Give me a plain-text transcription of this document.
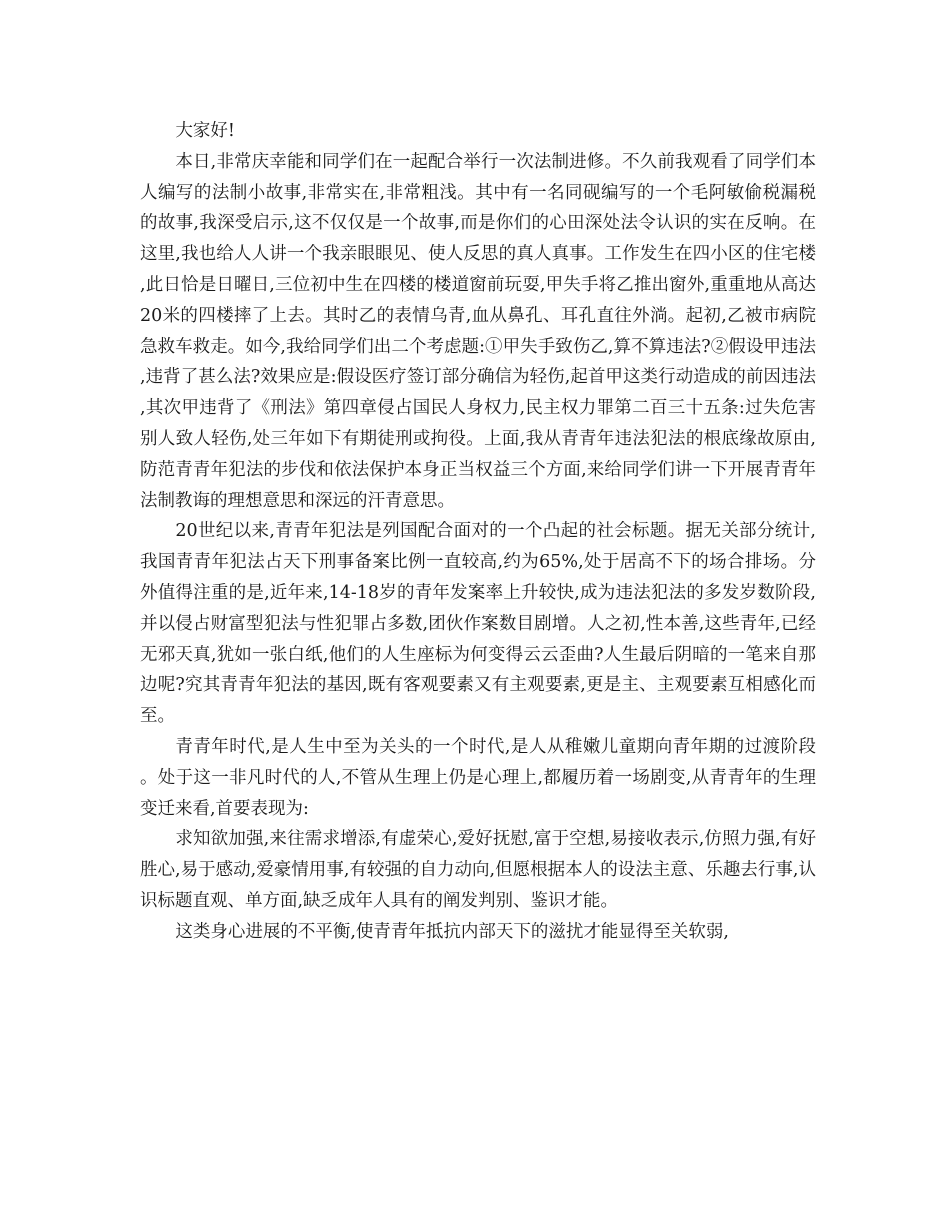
大家好!

本日,非常庆幸能和同学们在一起配合举行一次法制进修。不久前我观看了同学们本人编写的法制小故事,非常实在,非常粗浅。其中有一名同砚编写的一个毛阿敏偷税漏税的故事,我深受启示,这不仅仅是一个故事,而是你们的心田深处法令认识的实在反响。在这里,我也给人人讲一个我亲眼眼见、使人反思的真人真事。工作发生在四小区的住宅楼,此日恰是日曜日,三位初中生在四楼的楼道窗前玩耍,甲失手将乙推出窗外,重重地从高达20米的四楼摔了上去。其时乙的表情乌青,血从鼻孔、耳孔直往外淌。起初,乙被市病院急救车救走。如今,我给同学们出二个考虑题:①甲失手致伤乙,算不算违法?②假设甲违法,违背了甚么法?效果应是:假设医疗签订部分确信为轻伤,起首甲这类行动造成的前因违法,其次甲违背了《刑法》第四章侵占国民人身权力,民主权力罪第二百三十五条:过失危害别人致人轻伤,处三年如下有期徒刑或拘役。上面,我从青青年违法犯法的根底缘故原由,防范青青年犯法的步伐和依法保护本身正当权益三个方面,来给同学们讲一下开展青青年法制教诲的理想意思和深远的汗青意思。

20世纪以来,青青年犯法是列国配合面对的一个凸起的社会标题。据无关部分统计,我国青青年犯法占天下刑事备案比例一直较高,约为65%,处于居高不下的场合排场。分外值得注重的是,近年来,14-18岁的青年发案率上升较快,成为违法犯法的多发岁数阶段,并以侵占财富型犯法与性犯罪占多数,团伙作案数目剧增。人之初,性本善,这些青年,已经无邪天真,犹如一张白纸,他们的人生座标为何变得云云歪曲?人生最后阴暗的一笔来自那边呢?究其青青年犯法的基因,既有客观要素又有主观要素,更是主、主观要素互相感化而至。

青青年时代,是人生中至为关头的一个时代,是人从稚嫩儿童期向青年期的过渡阶段。处于这一非凡时代的人,不管从生理上仍是心理上,都履历着一场剧变,从青青年的生理变迁来看,首要表现为:

求知欲加强,来往需求增添,有虚荣心,爱好抚慰,富于空想,易接收表示,仿照力强,有好胜心,易于感动,爱豪情用事,有较强的自力动向,但愿根据本人的设法主意、乐趣去行事,认识标题直观、单方面,缺乏成年人具有的阐发判别、鉴识才能。

这类身心进展的不平衡,使青青年抵抗内部天下的滋扰才能显得至关软弱,
